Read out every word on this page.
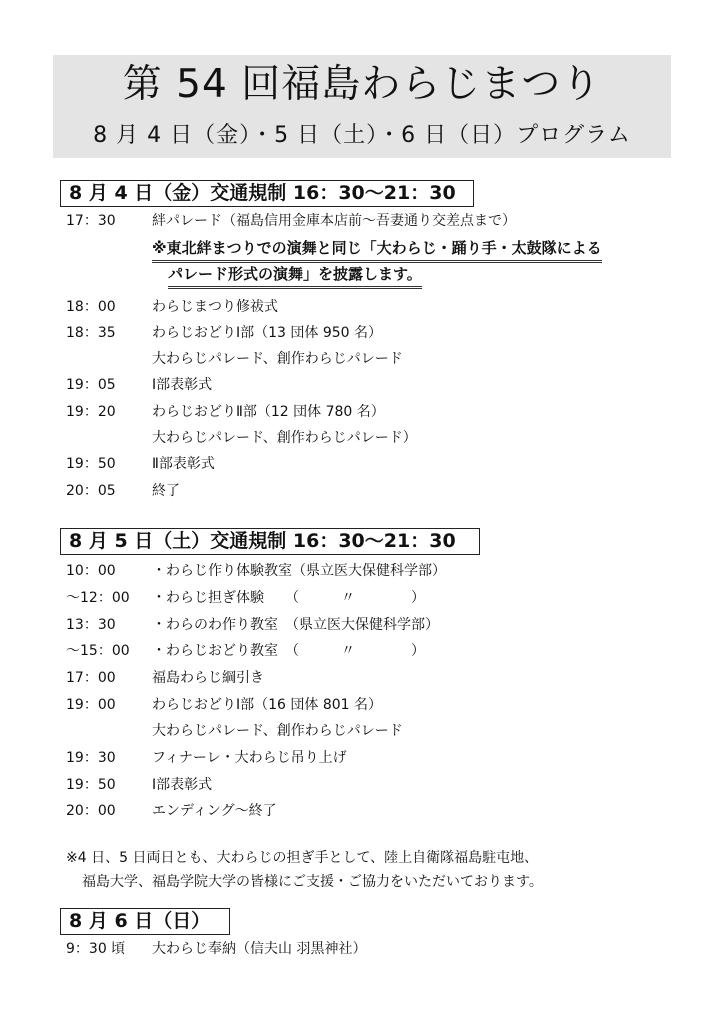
第 54 回福島わらじまつり
8 月 4 日（金）・5 日（土）・6 日（日）プログラム
8 月 4 日（金）交通規制 16：30～21：30
17：30	絆パレード（福島信用金庫本店前～吾妻通り交差点まで）
※東北絆まつりでの演舞と同じ「大わらじ・踊り手・太鼓隊による
パレード形式の演舞」を披露します。
18：00	わらじまつり修祓式
18：35	わらじおどりⅠ部（13 団体 950 名）
大わらじパレード、創作わらじパレード
19：05	Ⅰ部表彰式
19：20	わらじおどりⅡ部（12 団体 780 名）
大わらじパレード、創作わらじパレード）
19：50	Ⅱ部表彰式
20：05	終了
8 月 5 日（土）交通規制 16：30～21：30
10：00	・わらじ作り体験教室（県立医大保健科学部）
～12：00 ・わらじ担ぎ体験　　（　　　〃　　　　）
13：30	・わらのわ作り教室　（県立医大保健科学部）
～15：00 ・わらじおどり教室　（　　　〃　　　　）
17：00	福島わらじ綱引き
19：00	わらじおどりⅠ部（16 団体 801 名）
大わらじパレード、創作わらじパレード
19：30	フィナーレ・大わらじ吊り上げ
19：50	Ⅰ部表彰式
20：00	エンディング～終了
※4 日、5 日両日とも、大わらじの担ぎ手として、陸上自衛隊福島駐屯地、
福島大学、福島学院大学の皆様にご支援・ご協力をいただいております。
8 月 6 日（日）
9：30 頃 大わらじ奉納（信夫山 羽黒神社）
